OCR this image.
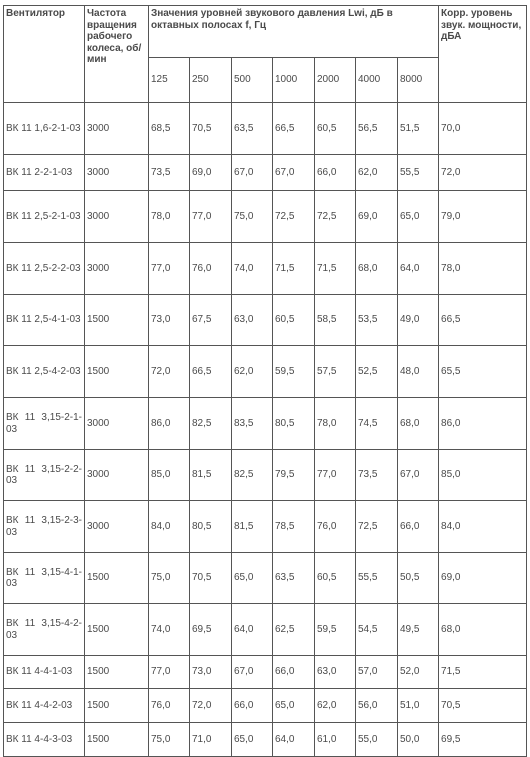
Вентилятор	Частота вращения рабочего колеса, об/мин	Значения уровней звукового давления Lwi, дБ в октавных полосах f, Гц							Корр. уровень звук. мощности, дБА
		125	250	500	1000	2000	4000	8000	
ВК 11 1,6-2-1-03	3000	68,5	70,5	63,5	66,5	60,5	56,5	51,5	70,0
ВК 11 2-2-1-03	3000	73,5	69,0	67,0	67,0	66,0	62,0	55,5	72,0
ВК 11 2,5-2-1-03	3000	78,0	77,0	75,0	72,5	72,5	69,0	65,0	79,0
ВК 11 2,5-2-2-03	3000	77,0	76,0	74,0	71,5	71,5	68,0	64,0	78,0
ВК 11 2,5-4-1-03	1500	73,0	67,5	63,0	60,5	58,5	53,5	49,0	66,5
ВК 11 2,5-4-2-03	1500	72,0	66,5	62,0	59,5	57,5	52,5	48,0	65,5
ВК 11 3,15-2-1-03	3000	86,0	82,5	83,5	80,5	78,0	74,5	68,0	86,0
ВК 11 3,15-2-2-03	3000	85,0	81,5	82,5	79,5	77,0	73,5	67,0	85,0
ВК 11 3,15-2-3-03	3000	84,0	80,5	81,5	78,5	76,0	72,5	66,0	84,0
ВК 11 3,15-4-1-03	1500	75,0	70,5	65,0	63,5	60,5	55,5	50,5	69,0
ВК 11 3,15-4-2-03	1500	74,0	69,5	64,0	62,5	59,5	54,5	49,5	68,0
ВК 11 4-4-1-03	1500	77,0	73,0	67,0	66,0	63,0	57,0	52,0	71,5
ВК 11 4-4-2-03	1500	76,0	72,0	66,0	65,0	62,0	56,0	51,0	70,5
ВК 11 4-4-3-03	1500	75,0	71,0	65,0	64,0	61,0	55,0	50,0	69,5
